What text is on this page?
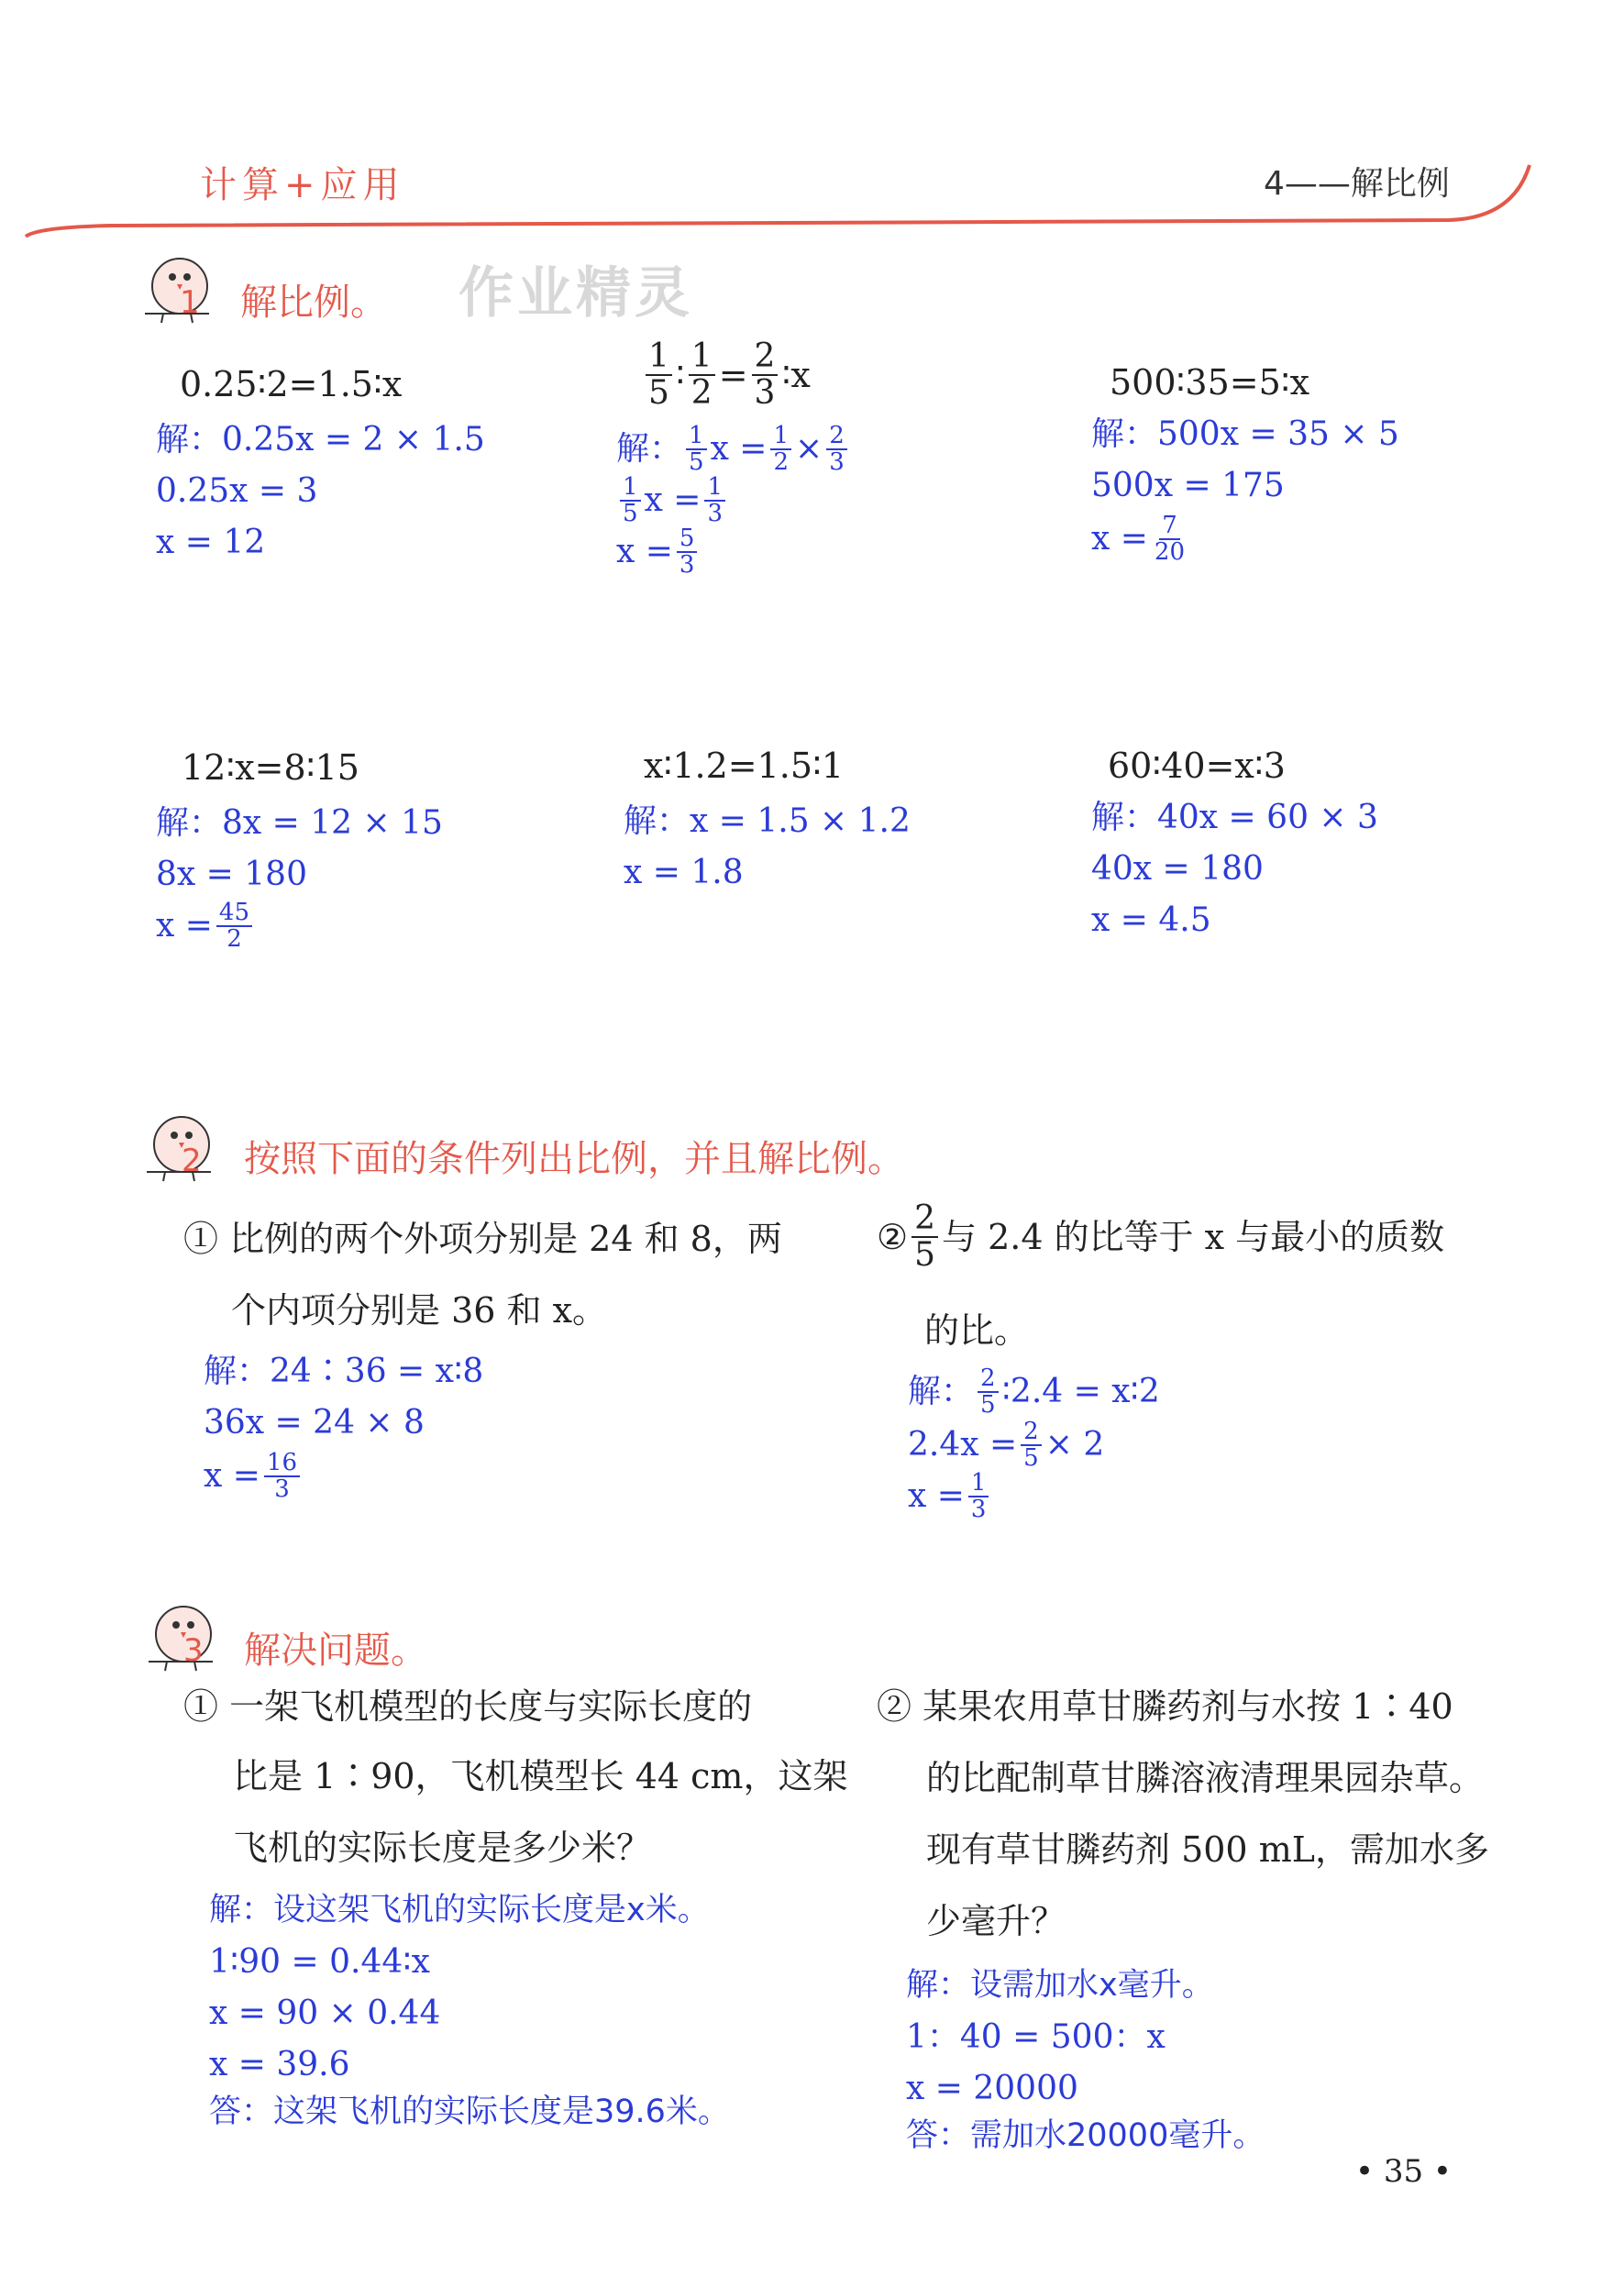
计算+应用	4——解比例
1 解比例。 作业精灵
0.25∶2=1.5∶x
解：0.25x = 2 × 1.5
0.25x = 3
x = 12
$\frac{1}{5}$ ∶ $\frac{1}{2} = \frac{2}{3}$ ∶x
解： $\frac{1}{5}$ $x = \frac{1}{2} \times \frac{2}{3}$
$\frac{1}{5}$ $x = \frac{1}{3}$
$x = \frac{5}{3}$
500∶35=5∶x
解：500x = 35 × 5
500x = 175
$x = \frac{7}{20}$
12∶x=8∶15
解：8x = 12 × 15
8x = 180
$x = \frac{45}{2}$
x∶1.2=1.5∶1
解：x = 1.5 × 1.2
x = 1.8
60∶40=x∶3
解：40x = 60 × 3
40x = 180
x = 4.5
2 按照下面的条件列出比例，并且解比例。
① 比例的两个外项分别是 24 和 8，两
个内项分别是 36 和 x。
解：24∶36 = x∶8
36x = 24 × 8
$x = \frac{16}{3}$
② $\frac{2}{5}$ 与 2.4 的比等于 x 与最小的质数
的比。
解： $\frac{2}{5}$ ∶2.4 = x∶2
$2.4x = \frac{2}{5} \times 2$
$x = \frac{1}{3}$
3 解决问题。
① 一架飞机模型的长度与实际长度的
比是 1∶90，飞机模型长 44 cm，这架
飞机的实际长度是多少米？
解：设这架飞机的实际长度是x米。
1∶90 = 0.44∶x
x = 90 × 0.44
x = 39.6
答：这架飞机的实际长度是39.6米。
② 某果农用草甘膦药剂与水按 1∶40
的比配制草甘膦溶液清理果园杂草。
现有草甘膦药剂 500 mL，需加水多
少毫升？
解：设需加水x毫升。
1：40 = 500：x
x = 20000
答：需加水20000毫升。
• 35 •
